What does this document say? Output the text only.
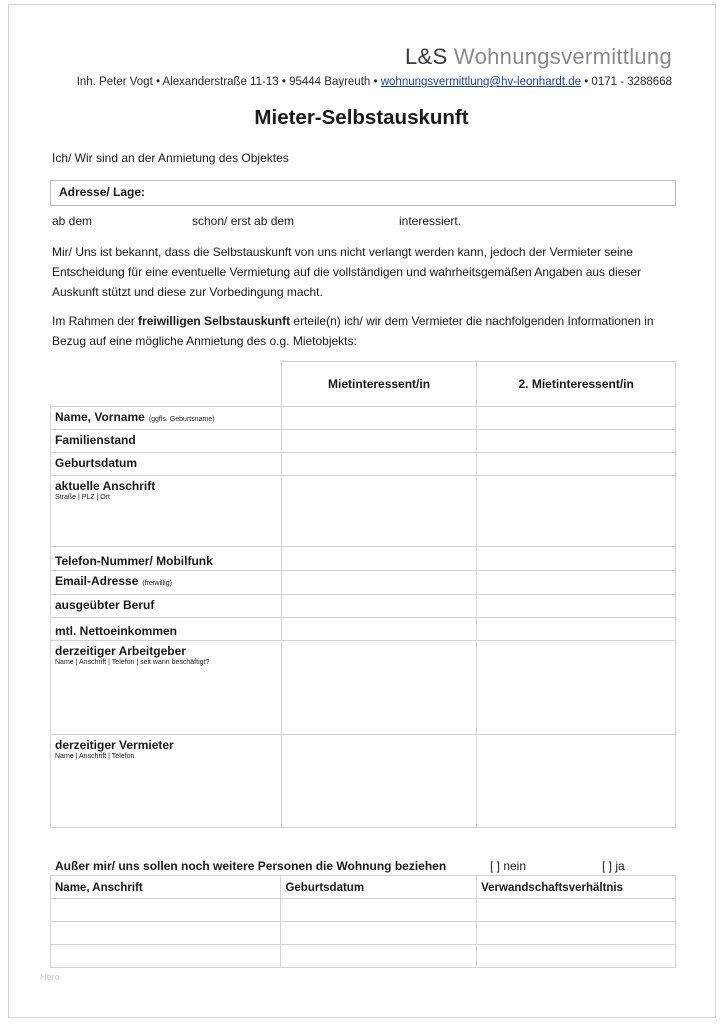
L&S Wohnungsvermittlung
Inh. Peter Vogt • Alexanderstraße 11-13 • 95444 Bayreuth • wohnungsvermittlung@hv-leonhardt.de • 0171 - 3288668
Mieter-Selbstauskunft
Ich/ Wir sind an der Anmietung des Objektes
Adresse/ Lage:
ab dem	schon/ erst ab dem	interessiert.
Mir/ Uns ist bekannt, dass die Selbstauskunft von uns nicht verlangt werden kann, jedoch der Vermieter seine Entscheidung für eine eventuelle Vermietung auf die vollständigen und wahrheitsgemäßen Angaben aus dieser Auskunft stützt und diese zur Vorbedingung macht.
Im Rahmen der freiwilligen Selbstauskunft erteile(n) ich/ wir dem Vermieter die nachfolgenden Informationen in Bezug auf eine mögliche Anmietung des o.g. Mietobjekts:
	Mietinteressent/in	2. Mietinteressent/in
Name, Vorname (ggfls. Geburtsname)		
Familienstand		
Geburtsdatum		
aktuelle Anschrift
Straße | PLZ | Ort		

Telefon-Nummer/ Mobilfunk		
Email-Adresse (freiwillig)		
ausgeübter Beruf		
mtl. Nettoeinkommen		
derzeitiger Arbeitgeber
Name | Anschrift | Telefon | seit wann beschäftigt?		

derzeitiger Vermieter
Name | Anschrift | Telefon		

Außer mir/ uns sollen noch weitere Personen die Wohnung beziehen	[ ] nein	[ ] ja
Name, Anschrift	Geburtsdatum	Verwandschaftsverhältnis

Hero
